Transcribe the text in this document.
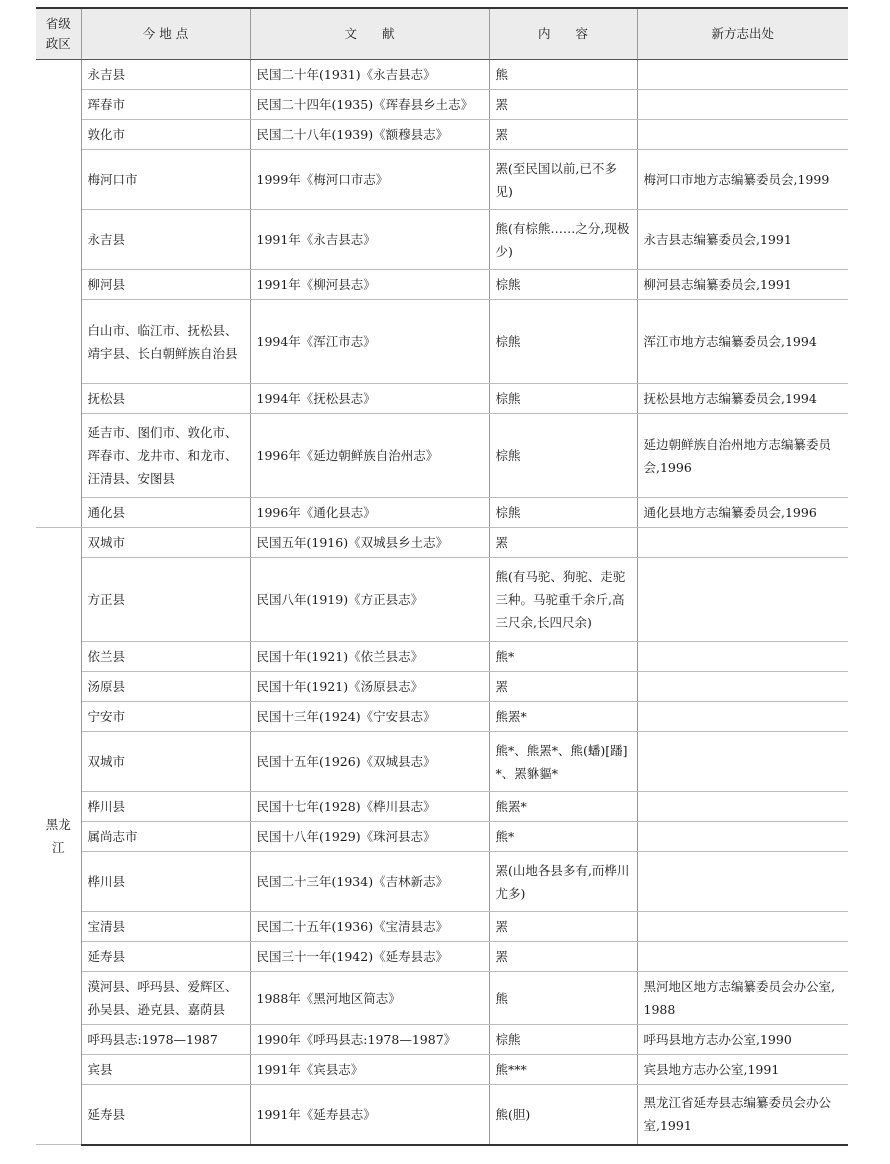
省级政区	今 地 点	文　　献	内　　容	新方志出处
	永吉县	民国二十年(1931)《永吉县志》	熊	
	珲春市	民国二十四年(1935)《珲春县乡土志》	罴	
	敦化市	民国二十八年(1939)《额穆县志》	罴	
	梅河口市	1999年《梅河口市志》	罴(至民国以前,已不多见)	梅河口市地方志编纂委员会,1999
	永吉县	1991年《永吉县志》	熊(有棕熊……之分,现极少)	永吉县志编纂委员会,1991
	柳河县	1991年《柳河县志》	棕熊	柳河县志编纂委员会,1991
	白山市、临江市、抚松县、靖宇县、长白朝鲜族自治县	1994年《浑江市志》	棕熊	浑江市地方志编纂委员会,1994
	抚松县	1994年《抚松县志》	棕熊	抚松县地方志编纂委员会,1994
	延吉市、图们市、敦化市、珲春市、龙井市、和龙市、汪清县、安图县	1996年《延边朝鲜族自治州志》	棕熊	延边朝鲜族自治州地方志编纂委员会,1996
	通化县	1996年《通化县志》	棕熊	通化县地方志编纂委员会,1996
黑龙江	双城市	民国五年(1916)《双城县乡土志》	罴	
	方正县	民国八年(1919)《方正县志》	熊(有马驼、狗驼、走驼三种。马驼重千余斤,高三尺余,长四尺余)	
	依兰县	民国十年(1921)《依兰县志》	熊*	
	汤原县	民国十年(1921)《汤原县志》	罴	
	宁安市	民国十三年(1924)《宁安县志》	熊罴*	
	双城市	民国十五年(1926)《双城县志》	熊*、熊罴*、熊(蟠)[蹯]*、罴貅貙*	
	桦川县	民国十七年(1928)《桦川县志》	熊罴*	
	属尚志市	民国十八年(1929)《珠河县志》	熊*	
	桦川县	民国二十三年(1934)《吉林新志》	罴(山地各县多有,而桦川尤多)	
	宝清县	民国二十五年(1936)《宝清县志》	罴	
	延寿县	民国三十一年(1942)《延寿县志》	罴	
	漠河县、呼玛县、爱辉区、孙吴县、逊克县、嘉荫县	1988年《黑河地区简志》	熊	黑河地区地方志编纂委员会办公室,1988
	呼玛县志:1978—1987	1990年《呼玛县志:1978—1987》	棕熊	呼玛县地方志办公室,1990
	宾县	1991年《宾县志》	熊***	宾县地方志办公室,1991
	延寿县	1991年《延寿县志》	熊(胆)	黑龙江省延寿县志编纂委员会办公室,1991
